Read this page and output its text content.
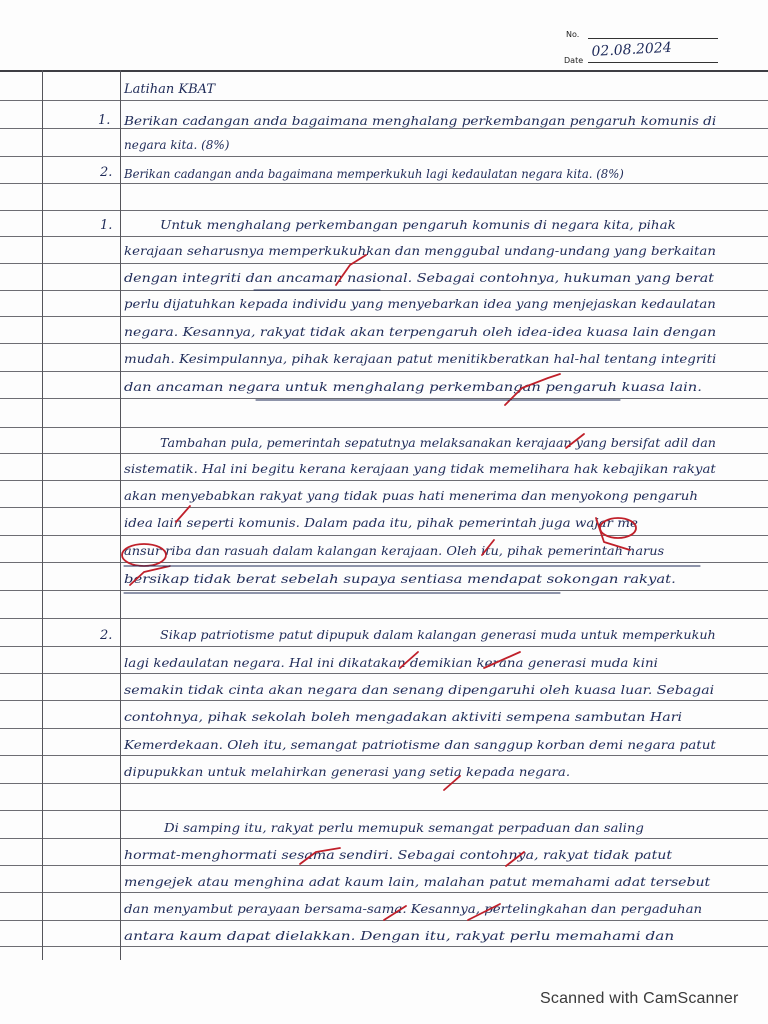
No.
Date
02.08.2024
Latihan KBAT
1. Berikan cadangan anda bagaimana menghalang perkembangan pengaruh komunis di
negara kita. (8%)
2. Berikan cadangan anda bagaimana memperkukuh lagi kedaulatan negara kita. (8%)
1.	Untuk menghalang perkembangan pengaruh komunis di negara kita, pihak
kerajaan seharusnya memperkukuhkan dan menggubal undang-undang yang berkaitan
dengan integriti dan ancaman nasional. Sebagai contohnya, hukuman yang berat
perlu dijatuhkan kepada individu yang menyebarkan idea yang menjejaskan kedaulatan
negara. Kesannya, rakyat tidak akan terpengaruh oleh idea-idea kuasa lain dengan
mudah. Kesimpulannya, pihak kerajaan patut menitikberatkan hal-hal tentang integriti
dan ancaman negara untuk menghalang perkembangan pengaruh kuasa lain.
Tambahan pula, pemerintah sepatutnya melaksanakan kerajaan yang bersifat adil dan
sistematik. Hal ini begitu kerana kerajaan yang tidak memelihara hak kebajikan rakyat
akan menyebabkan rakyat yang tidak puas hati menerima dan menyokong pengaruh
idea lain seperti komunis. Dalam pada itu, pihak pemerintah juga wajar me
ansur riba dan rasuah dalam kalangan kerajaan. Oleh itu, pihak pemerintah harus
bersikap tidak berat sebelah supaya sentiasa mendapat sokongan rakyat.
2.	Sikap patriotisme patut dipupuk dalam kalangan generasi muda untuk memperkukuh
lagi kedaulatan negara. Hal ini dikatakan demikian kerana generasi muda kini
semakin tidak cinta akan negara dan senang dipengaruhi oleh kuasa luar. Sebagai
contohnya, pihak sekolah boleh mengadakan aktiviti sempena sambutan Hari
Kemerdekaan. Oleh itu, semangat patriotisme dan sanggup korban demi negara patut
dipupukkan untuk melahirkan generasi yang setia kepada negara.
Di samping itu, rakyat perlu memupuk semangat perpaduan dan saling
hormat-menghormati sesama sendiri. Sebagai contohnya, rakyat tidak patut
mengejek atau menghina adat kaum lain, malahan patut memahami adat tersebut
dan menyambut perayaan bersama-sama. Kesannya, pertelingkahan dan pergaduhan
antara kaum dapat dielakkan. Dengan itu, rakyat perlu memahami dan
Scanned with CamScanner
